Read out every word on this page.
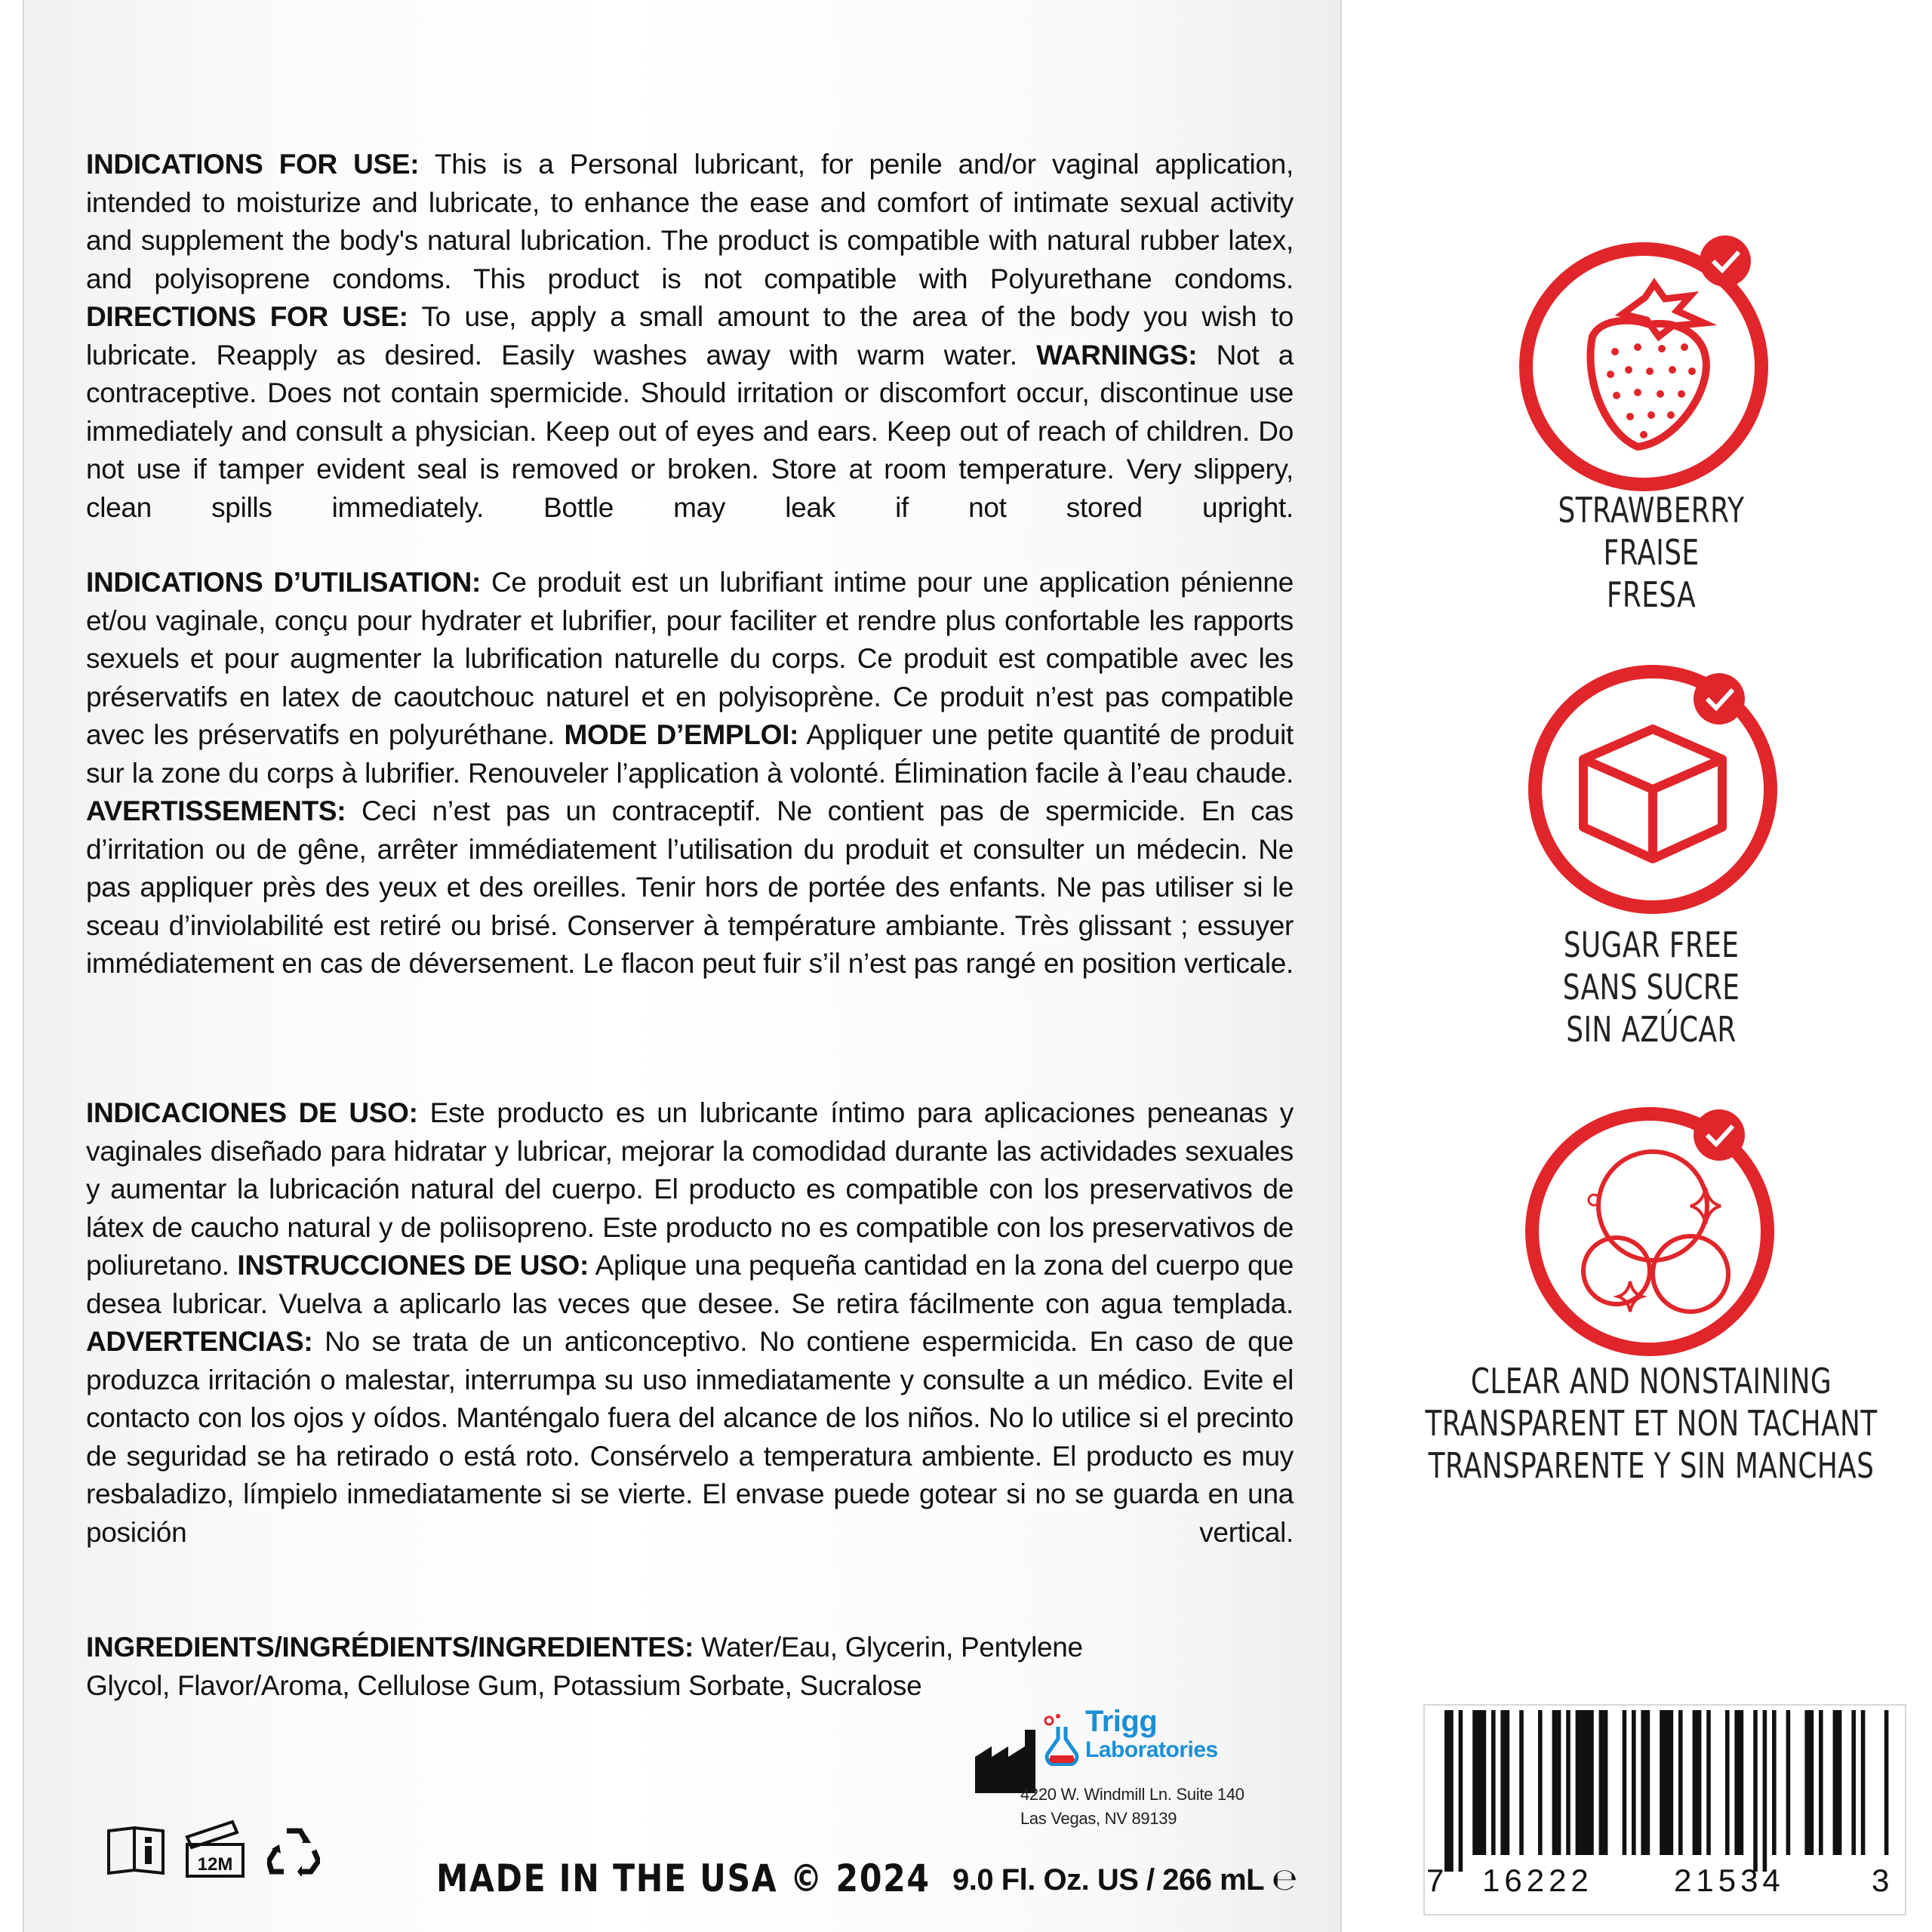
INDICATIONS FOR USE: This is a Personal lubricant, for penile and/or vaginal application, intended to moisturize and lubricate, to enhance the ease and comfort of intimate sexual activity and supplement the body's natural lubrication. The product is compatible with natural rubber latex, and polyisoprene condoms. This product is not compatible with Polyurethane condoms. DIRECTIONS FOR USE: To use, apply a small amount to the area of the body you wish to lubricate. Reapply as desired. Easily washes away with warm water. WARNINGS: Not a contraceptive. Does not contain spermicide. Should irritation or discomfort occur, discontinue use immediately and consult a physician. Keep out of eyes and ears. Keep out of reach of children. Do not use if tamper evident seal is removed or broken. Store at room temperature. Very slippery, clean spills immediately. Bottle may leak if not stored upright.
INDICATIONS D’UTILISATION: Ce produit est un lubrifiant intime pour une application pénienne et/ou vaginale, conçu pour hydrater et lubrifier, pour faciliter et rendre plus confortable les rapports sexuels et pour augmenter la lubrification naturelle du corps. Ce produit est compatible avec les préservatifs en latex de caoutchouc naturel et en polyisoprène. Ce produit n’est pas compatible avec les préservatifs en polyuréthane. MODE D’EMPLOI: Appliquer une petite quantité de produit sur la zone du corps à lubrifier. Renouveler l’application à volonté. Élimination facile à l’eau chaude. AVERTISSEMENTS: Ceci n’est pas un contraceptif. Ne contient pas de spermicide. En cas d’irritation ou de gêne, arrêter immédiatement l’utilisation du produit et consulter un médecin. Ne pas appliquer près des yeux et des oreilles. Tenir hors de portée des enfants. Ne pas utiliser si le sceau d’inviolabilité est retiré ou brisé. Conserver à température ambiante. Très glissant ; essuyer immédiatement en cas de déversement. Le flacon peut fuir s’il n’est pas rangé en position verticale.
INDICACIONES DE USO: Este producto es un lubricante íntimo para aplicaciones peneanas y vaginales diseñado para hidratar y lubricar, mejorar la comodidad durante las actividades sexuales y aumentar la lubricación natural del cuerpo. El producto es compatible con los preservativos de látex de caucho natural y de poliisopreno. Este producto no es compatible con los preservativos de poliuretano. INSTRUCCIONES DE USO: Aplique una pequeña cantidad en la zona del cuerpo que desea lubricar. Vuelva a aplicarlo las veces que desee. Se retira fácilmente con agua templada. ADVERTENCIAS: No se trata de un anticonceptivo. No contiene espermicida. En caso de que produzca irritación o malestar, interrumpa su uso inmediatamente y consulte a un médico. Evite el contacto con los ojos y oídos. Manténgalo fuera del alcance de los niños. No lo utilice si el precinto de seguridad se ha retirado o está roto. Consérvelo a temperatura ambiente. El producto es muy resbaladizo, límpielo inmediatamente si se vierte. El envase puede gotear si no se guarda en una posición vertical.
INGREDIENTS/INGRÉDIENTS/INGREDIENTES: Water/Eau, Glycerin, Pentylene
Glycol, Flavor/Aroma, Cellulose Gum, Potassium Sorbate, Sucralose
Trigg
Laboratories
4220 W. Windmill Ln. Suite 140
Las Vegas, NV 89139
12M	MADE IN THE USA © 2024 9.0 Fl. Oz. US / 266 mL ℮
STRAWBERRY
FRAISE
FRESA
SUGAR FREE
SANS SUCRE
SIN AZÚCAR
CLEAR AND NONSTAINING
TRANSPARENT ET NON TACHANT
TRANSPARENTE Y SIN MANCHAS
7 16222	21534	3
